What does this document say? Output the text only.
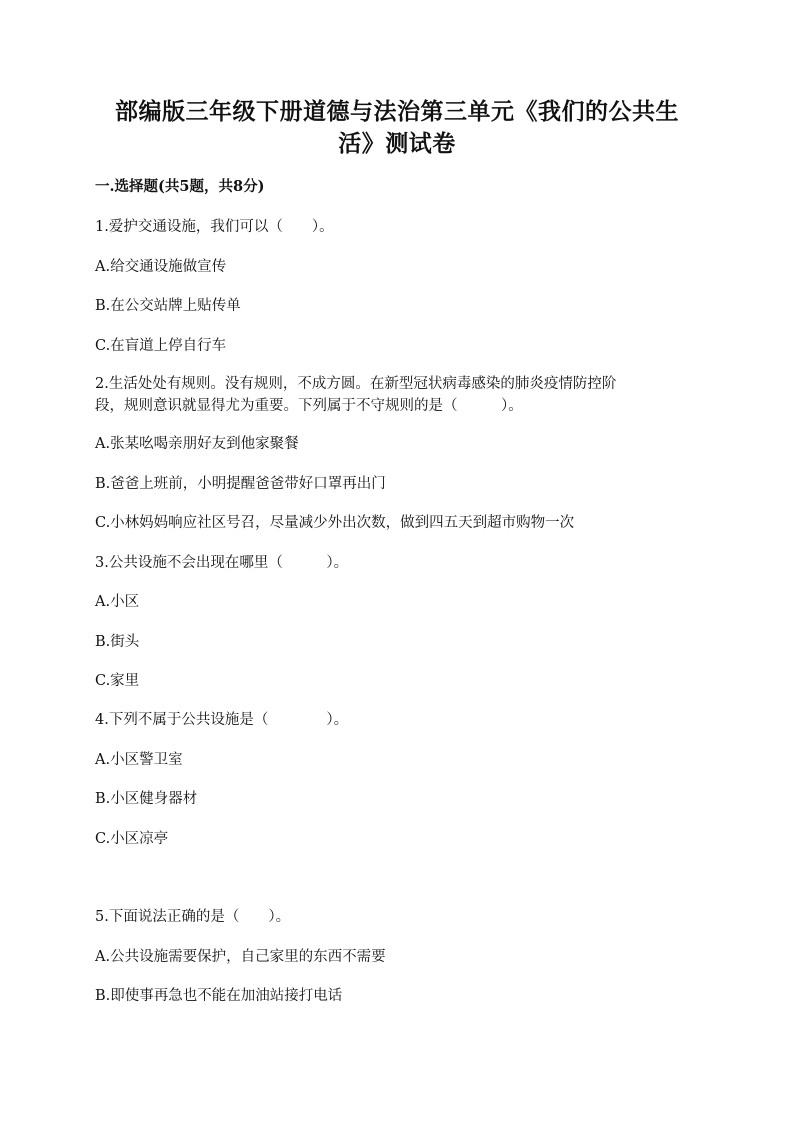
部编版三年级下册道德与法治第三单元《我们的公共生
活》测试卷
一.选择题(共5题，共8分)
1.爱护交通设施，我们可以（　　）。
A.给交通设施做宣传
B.在公交站牌上贴传单
C.在盲道上停自行车
2.生活处处有规则。没有规则，不成方圆。在新型冠状病毒感染的肺炎疫情防控阶
段，规则意识就显得尤为重要。下列属于不守规则的是（　　　）。
A.张某吆喝亲朋好友到他家聚餐
B.爸爸上班前，小明提醒爸爸带好口罩再出门
C.小林妈妈响应社区号召，尽量减少外出次数，做到四五天到超市购物一次
3.公共设施不会出现在哪里（　　　）。
A.小区
B.街头
C.家里
4.下列不属于公共设施是（　　　　）。
A.小区警卫室
B.小区健身器材
C.小区凉亭
5.下面说法正确的是（　　）。
A.公共设施需要保护，自己家里的东西不需要
B.即使事再急也不能在加油站接打电话
